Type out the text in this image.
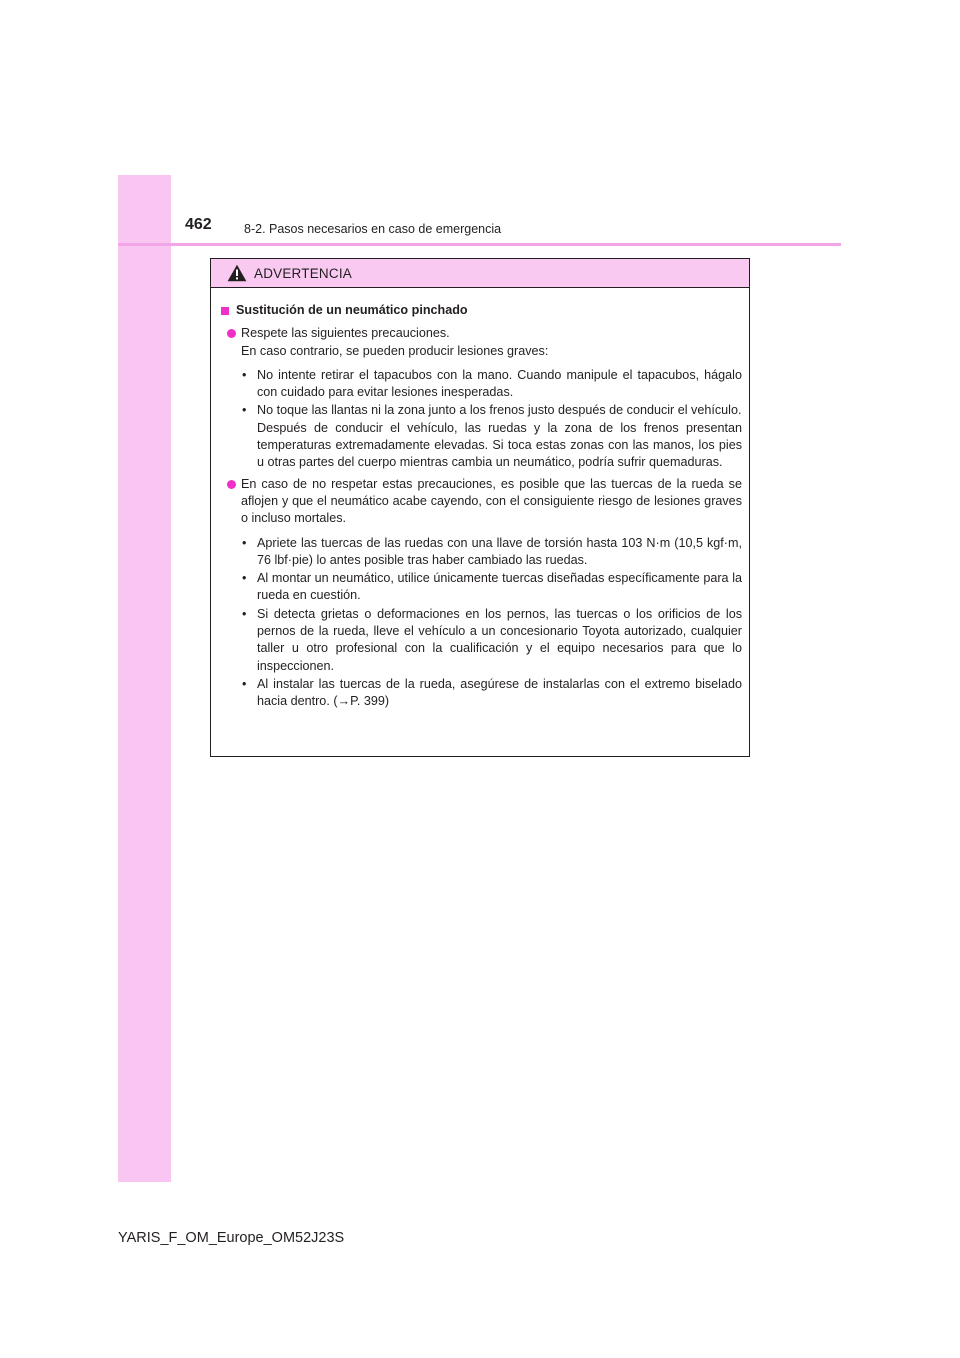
462	8-2. Pasos necesarios en caso de emergencia
ADVERTENCIA
Sustitución de un neumático pinchado

Respete las siguientes precauciones.

En caso contrario, se pueden producir lesiones graves:

• No intente retirar el tapacubos con la mano. Cuando manipule el tapacubos, hágalo con cuidado para evitar lesiones inesperadas.

• No toque las llantas ni la zona junto a los frenos justo después de conducir el vehículo.

Después de conducir el vehículo, las ruedas y la zona de los frenos presentan temperaturas extremadamente elevadas. Si toca estas zonas con las manos, los pies u otras partes del cuerpo mientras cambia un neumático, podría sufrir quemaduras.

En caso de no respetar estas precauciones, es posible que las tuercas de la rueda se aflojen y que el neumático acabe cayendo, con el consiguiente riesgo de lesiones graves o incluso mortales.

• Apriete las tuercas de las ruedas con una llave de torsión hasta 103 N·m (10,5 kgf·m, 76 lbf·pie) lo antes posible tras haber cambiado las ruedas.

• Al montar un neumático, utilice únicamente tuercas diseñadas específicamente para la rueda en cuestión.

• Si detecta grietas o deformaciones en los pernos, las tuercas o los orificios de los pernos de la rueda, lleve el vehículo a un concesionario Toyota autorizado, cualquier taller u otro profesional con la cualificación y el equipo necesarios para que lo inspeccionen.

• Al instalar las tuercas de la rueda, asegúrese de instalarlas con el extremo biselado hacia dentro. (→P. 399)

YARIS_F_OM_Europe_OM52J23S
